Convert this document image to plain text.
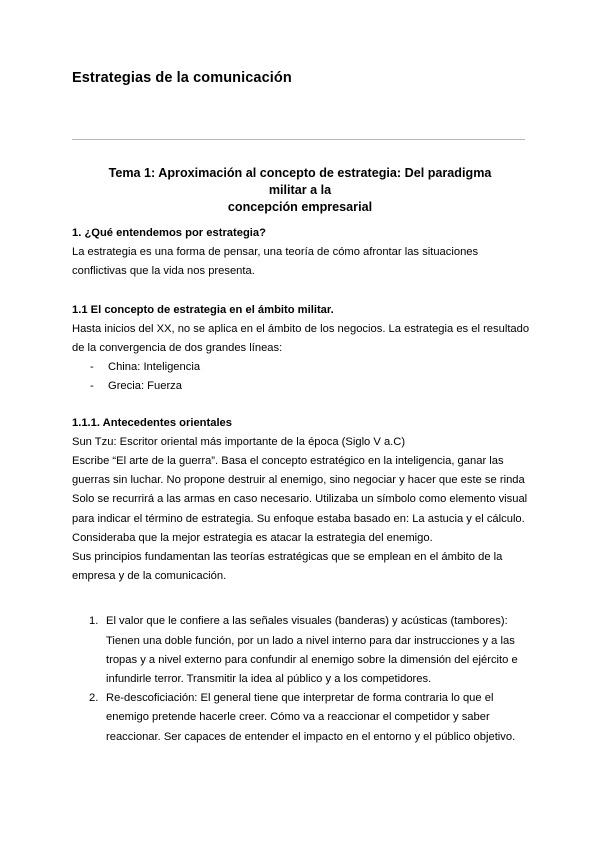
Estrategias de la comunicación
Tema 1: Aproximación al concepto de estrategia: Del paradigma militar a la
concepción empresarial

1. ¿Qué entendemos por estrategia?

La estrategia es una forma de pensar, una teoría de cómo afrontar las situaciones

conflictivas que la vida nos presenta.

1.1 El concepto de estrategia en el ámbito militar.

Hasta inicios del XX, no se aplica en el ámbito de los negocios. La estrategia es el resultado

de la convergencia de dos grandes líneas:

- China: Inteligencia
- Grecia: Fuerza

1.1.1. Antecedentes orientales

Sun Tzu: Escritor oriental más importante de la época (Siglo V a.C)

Escribe “El arte de la guerra”. Basa el concepto estratégico en la inteligencia, ganar las

guerras sin luchar. No propone destruir al enemigo, sino negociar y hacer que este se rinda

Solo se recurrirá a las armas en caso necesario. Utilizaba un símbolo como elemento visual

para indicar el término de estrategia. Su enfoque estaba basado en: La astucia y el cálculo.

Consideraba que la mejor estrategia es atacar la estrategia del enemigo.

Sus principios fundamentan las teorías estratégicas que se emplean en el ámbito de la

empresa y de la comunicación.

1. El valor que le confiere a las señales visuales (banderas) y acústicas (tambores):
Tienen una doble función, por un lado a nivel interno para dar instrucciones y a las
tropas y a nivel externo para confundir al enemigo sobre la dimensión del ejército e
infundirle terror. Transmitir la idea al público y a los competidores.
2. Re-descoficiación: El general tiene que interpretar de forma contraria lo que el
enemigo pretende hacerle creer. Cómo va a reaccionar el competidor y saber
reaccionar. Ser capaces de entender el impacto en el entorno y el público objetivo.
